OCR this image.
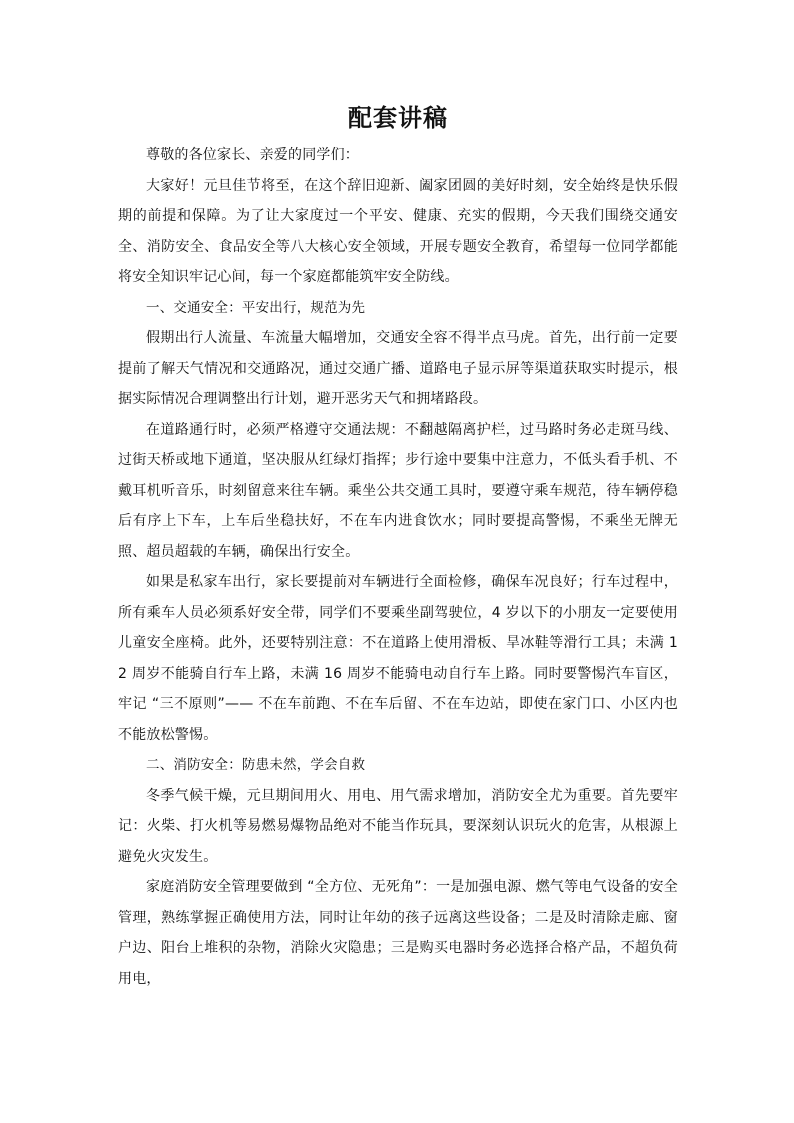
配套讲稿

尊敬的各位家长、亲爱的同学们：

大家好！元旦佳节将至，在这个辞旧迎新、阖家团圆的美好时刻，安全始终是快乐假期的前提和保障。为了让大家度过一个平安、健康、充实的假期，今天我们围绕交通安全、消防安全、食品安全等八大核心安全领域，开展专题安全教育，希望每一位同学都能将安全知识牢记心间，每一个家庭都能筑牢安全防线。

一、交通安全：平安出行，规范为先

假期出行人流量、车流量大幅增加，交通安全容不得半点马虎。首先，出行前一定要提前了解天气情况和交通路况，通过交通广播、道路电子显示屏等渠道获取实时提示，根据实际情况合理调整出行计划，避开恶劣天气和拥堵路段。

在道路通行时，必须严格遵守交通法规：不翻越隔离护栏，过马路时务必走斑马线、过街天桥或地下通道，坚决服从红绿灯指挥；步行途中要集中注意力，不低头看手机、不戴耳机听音乐，时刻留意来往车辆。乘坐公共交通工具时，要遵守乘车规范，待车辆停稳后有序上下车，上车后坐稳扶好，不在车内进食饮水；同时要提高警惕，不乘坐无牌无照、超员超载的车辆，确保出行安全。

如果是私家车出行，家长要提前对车辆进行全面检修，确保车况良好；行车过程中，所有乘车人员必须系好安全带，同学们不要乘坐副驾驶位，4 岁以下的小朋友一定要使用儿童安全座椅。此外，还要特别注意：不在道路上使用滑板、旱冰鞋等滑行工具；未满 12 周岁不能骑自行车上路，未满 16 周岁不能骑电动自行车上路。同时要警惕汽车盲区，牢记 “三不原则”—— 不在车前跑、不在车后留、不在车边站，即使在家门口、小区内也不能放松警惕。

二、消防安全：防患未然，学会自救

冬季气候干燥，元旦期间用火、用电、用气需求增加，消防安全尤为重要。首先要牢记：火柴、打火机等易燃易爆物品绝对不能当作玩具，要深刻认识玩火的危害，从根源上避免火灾发生。

家庭消防安全管理要做到 “全方位、无死角”：一是加强电源、燃气等电气设备的安全管理，熟练掌握正确使用方法，同时让年幼的孩子远离这些设备；二是及时清除走廊、窗户边、阳台上堆积的杂物，消除火灾隐患；三是购买电器时务必选择合格产品，不超负荷用电，
